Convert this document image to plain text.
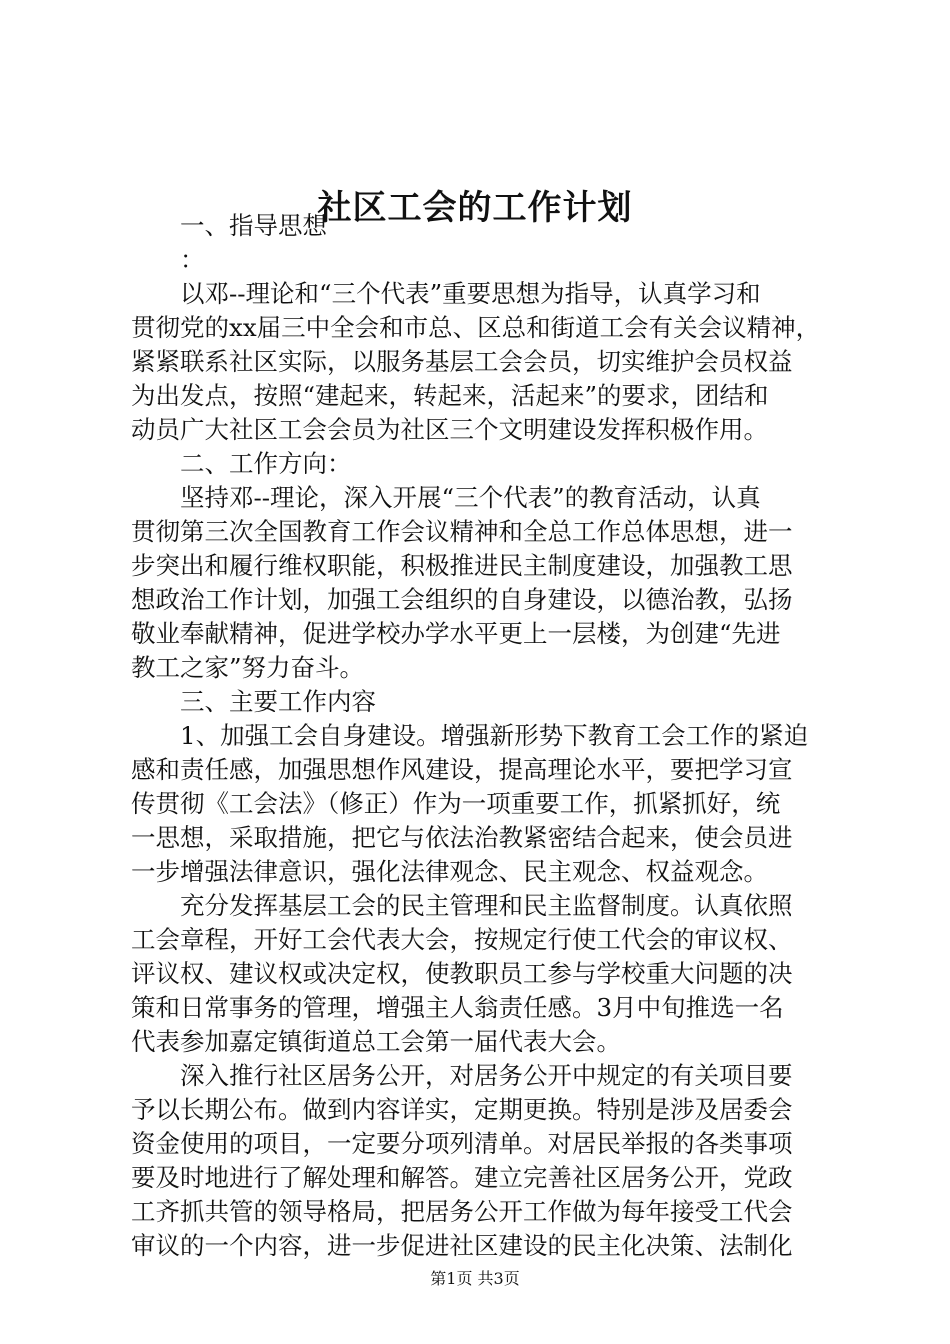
社区工会的工作计划
一、指导思想
：
以邓--理论和“三个代表”重要思想为指导，认真学习和
贯彻党的xx届三中全会和市总、区总和街道工会有关会议精神，
紧紧联系社区实际，以服务基层工会会员，切实维护会员权益
为出发点，按照“建起来，转起来，活起来”的要求，团结和
动员广大社区工会会员为社区三个文明建设发挥积极作用。
二、工作方向：
坚持邓--理论，深入开展“三个代表”的教育活动，认真
贯彻第三次全国教育工作会议精神和全总工作总体思想，进一
步突出和履行维权职能，积极推进民主制度建设，加强教工思
想政治工作计划，加强工会组织的自身建设，以德治教，弘扬
敬业奉献精神，促进学校办学水平更上一层楼，为创建“先进
教工之家”努力奋斗。
三、主要工作内容
1、加强工会自身建设。增强新形势下教育工会工作的紧迫
感和责任感，加强思想作风建设，提高理论水平，要把学习宣
传贯彻《工会法》（修正）作为一项重要工作，抓紧抓好，统
一思想，采取措施，把它与依法治教紧密结合起来，使会员进
一步增强法律意识，强化法律观念、民主观念、权益观念。
充分发挥基层工会的民主管理和民主监督制度。认真依照
工会章程，开好工会代表大会，按规定行使工代会的审议权、
评议权、建议权或决定权，使教职员工参与学校重大问题的决
策和日常事务的管理，增强主人翁责任感。3月中旬推选一名
代表参加嘉定镇街道总工会第一届代表大会。
深入推行社区居务公开，对居务公开中规定的有关项目要
予以长期公布。做到内容详实，定期更换。特别是涉及居委会
资金使用的项目，一定要分项列清单。对居民举报的各类事项
要及时地进行了解处理和解答。建立完善社区居务公开，党政
工齐抓共管的领导格局，把居务公开工作做为每年接受工代会
审议的一个内容，进一步促进社区建设的民主化决策、法制化
第1页 共3页
